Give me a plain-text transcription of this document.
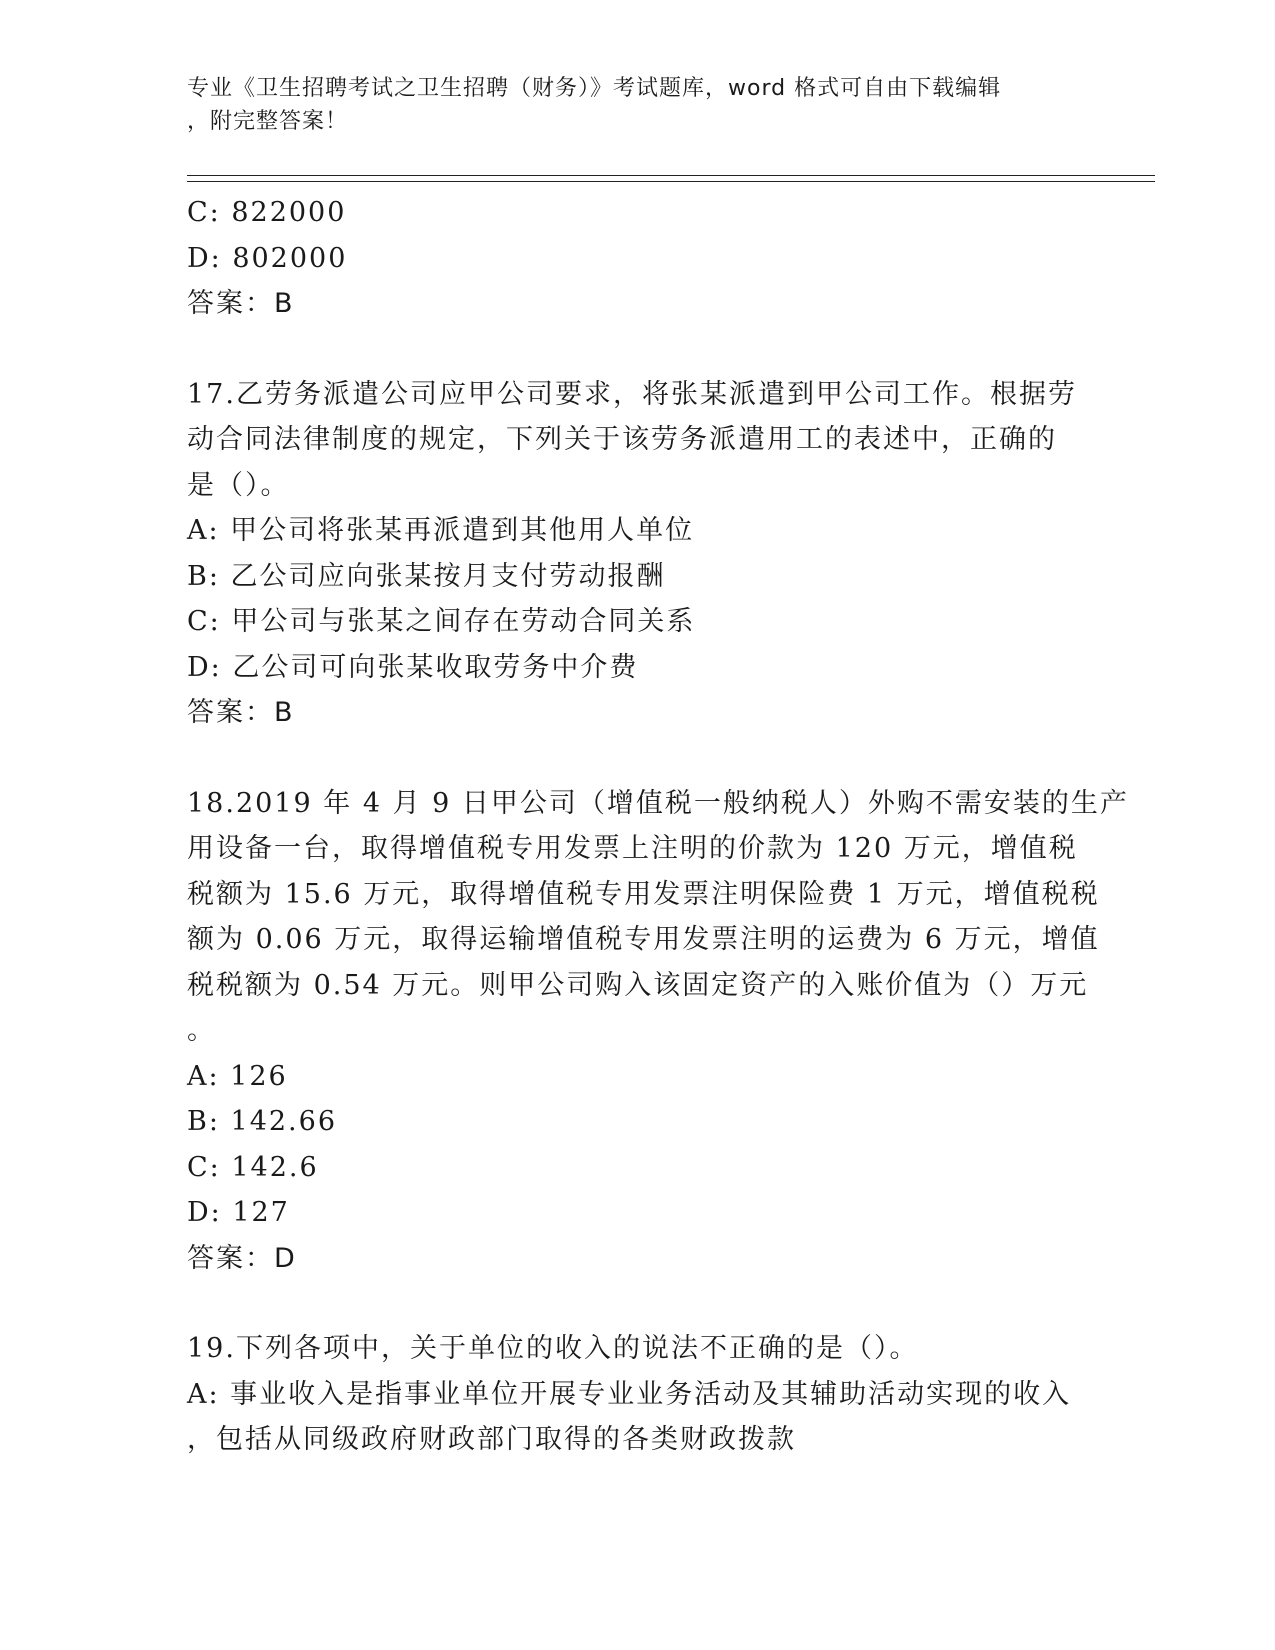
专业《卫生招聘考试之卫生招聘（财务）》考试题库，word 格式可自由下载编辑
，附完整答案！
C: 822000
D: 802000
答案：B
17.乙劳务派遣公司应甲公司要求，将张某派遣到甲公司工作。根据劳
动合同法律制度的规定，下列关于该劳务派遣用工的表述中，正确的
是（）。
A: 甲公司将张某再派遣到其他用人单位
B: 乙公司应向张某按月支付劳动报酬
C: 甲公司与张某之间存在劳动合同关系
D: 乙公司可向张某收取劳务中介费
答案：B
18.2019 年 4 月 9 日甲公司（增值税一般纳税人）外购不需安装的生产
用设备一台，取得增值税专用发票上注明的价款为 120 万元，增值税
税额为 15.6 万元，取得增值税专用发票注明保险费 1 万元，增值税税
额为 0.06 万元，取得运输增值税专用发票注明的运费为 6 万元，增值
税税额为 0.54 万元。则甲公司购入该固定资产的入账价值为（）万元
。
A: 126
B: 142.66
C: 142.6
D: 127
答案：D
19.下列各项中，关于单位的收入的说法不正确的是（）。
A: 事业收入是指事业单位开展专业业务活动及其辅助活动实现的收入
，包括从同级政府财政部门取得的各类财政拨款
